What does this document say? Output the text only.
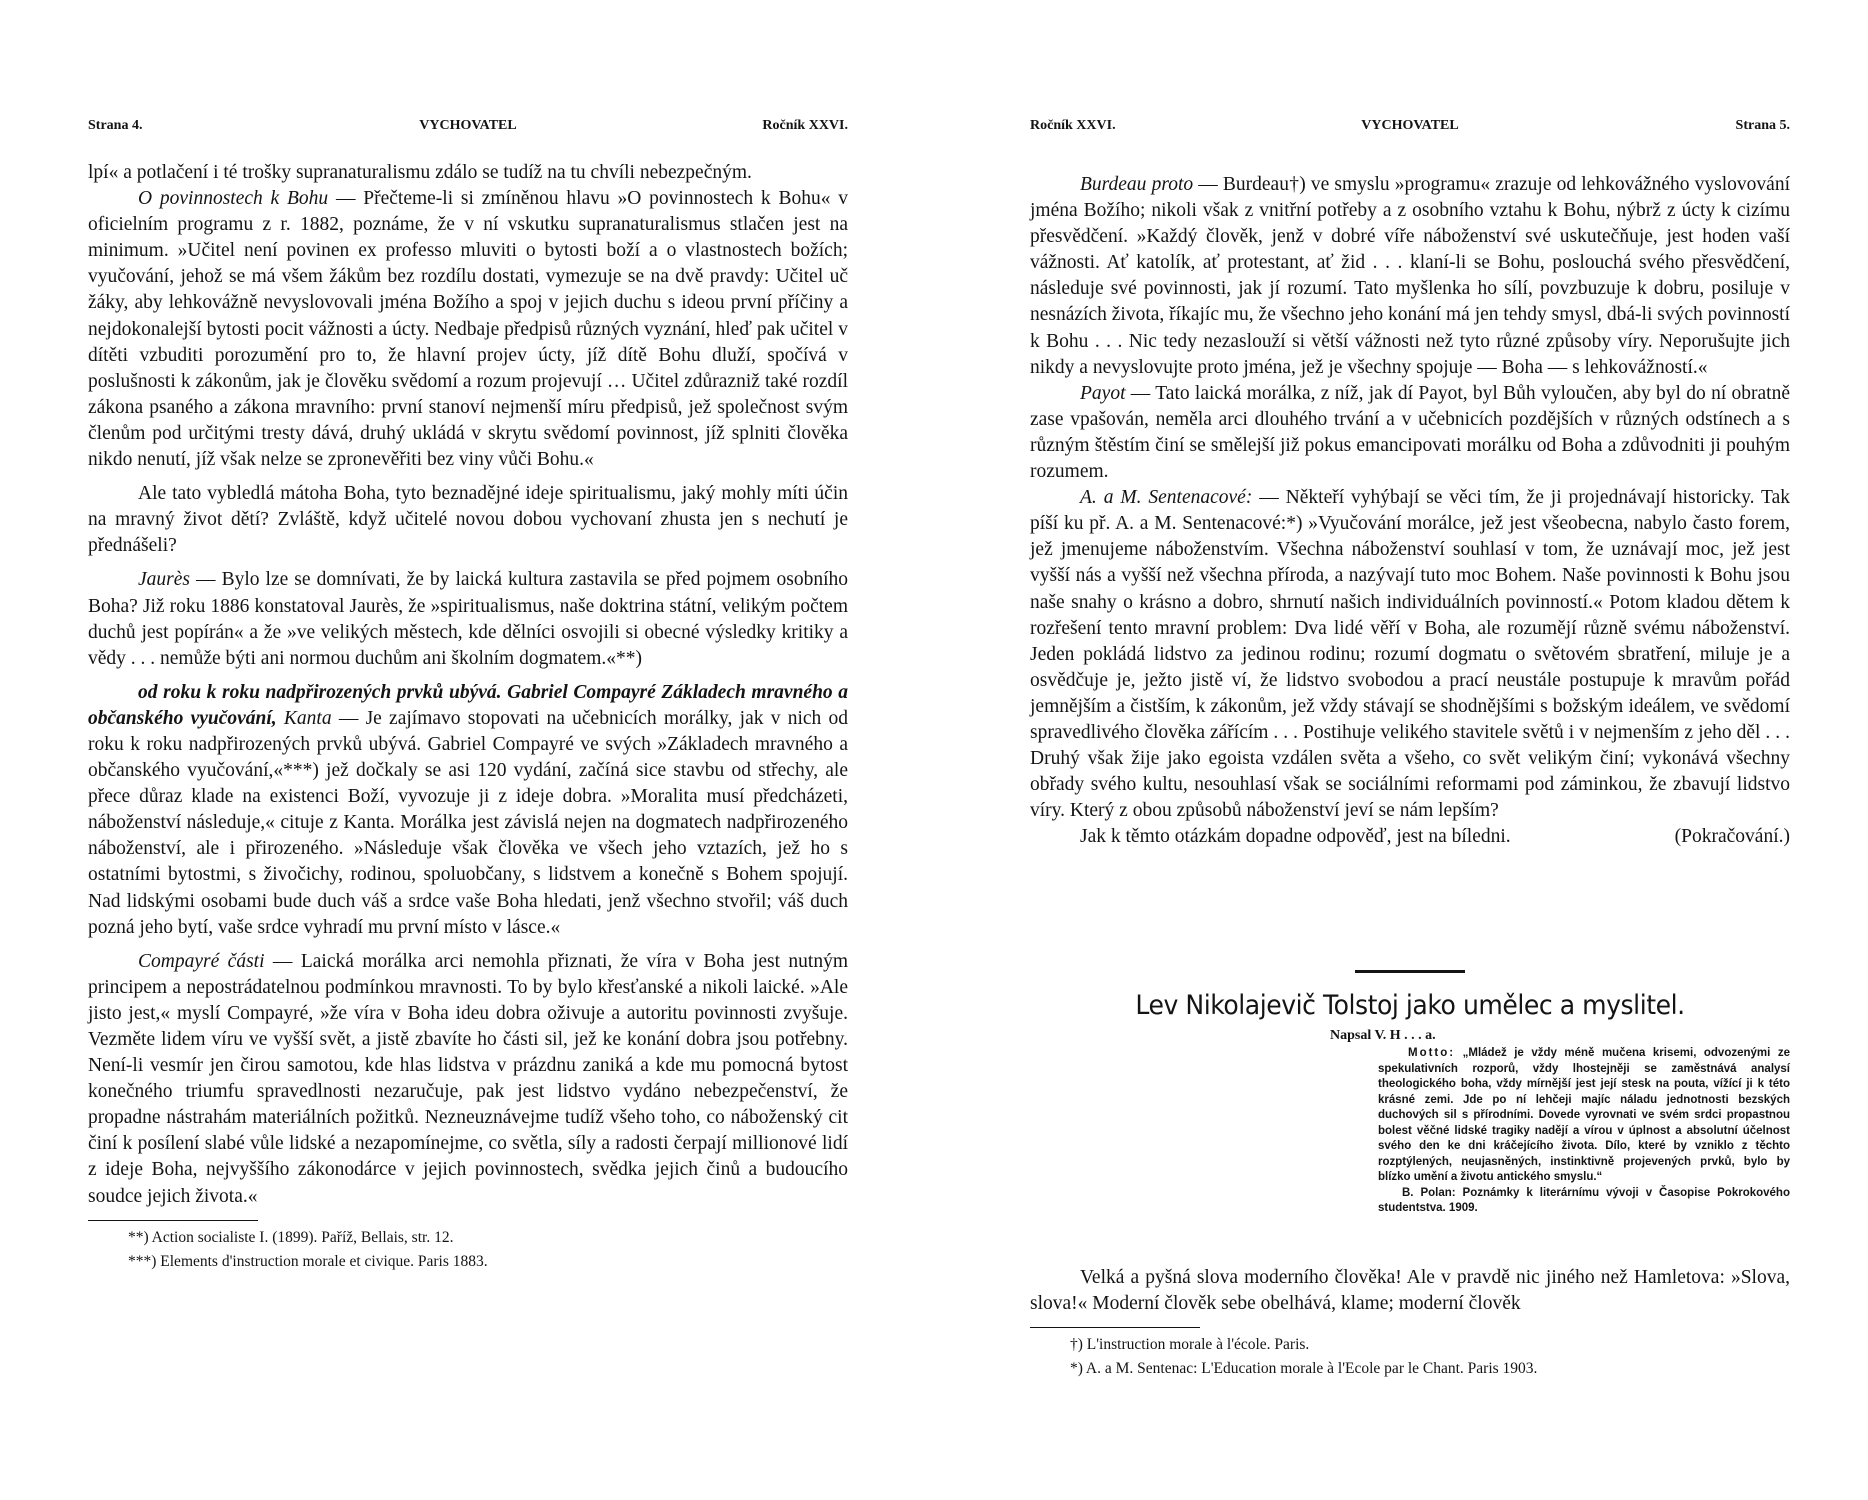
Strana 4.	VYCHOVATEL	Ročník XXVI.

lpí« a potlačení i té trošky supranaturalismu zdálo se tudíž na tu chvíli nebezpečným.

O povinnostech k Bohu — Přečteme-li si zmíněnou hlavu »O povinnostech k Bohu« v oficielním programu z r. 1882, poznáme, že v ní vskutku supranaturalismus stlačen jest na minimum. »Učitel není povinen ex professo mluviti o bytosti boží a o vlastnostech božích; vyučování, jehož se má všem žákům bez rozdílu dostati, vymezuje se na dvě pravdy: Učitel uč žáky, aby lehkovážně nevyslovovali jména Božího a spoj v jejich duchu s ideou první příčiny a nejdokonalejší bytosti pocit vážnosti a úcty. Nedbaje předpisů různých vyznání, hleď pak učitel v dítěti vzbuditi porozumění pro to, že hlavní projev úcty, jíž dítě Bohu dluží, spočívá v poslušnosti k zákonům, jak je člověku svědomí a rozum projevují … Učitel zdůrazniž také rozdíl zákona psaného a zákona mravního: první stanoví nejmenší míru předpisů, jež společnost svým členům pod určitými tresty dává, druhý ukládá v skrytu svědomí povinnost, jíž splniti člověka nikdo nenutí, jíž však nelze se zpronevěřiti bez viny vůči Bohu.«

Ale tato vybledlá mátoha Boha, tyto beznadějné ideje spiritualismu, jaký mohly míti účin na mravný život dětí? Zvláště, když učitelé novou dobou vychovaní zhusta jen s nechutí je přednášeli?

Jaurès — Bylo lze se domnívati, že by laická kultura zastavila se před pojmem osobního Boha? Již roku 1886 konstatoval Jaurès, že »spiritualismus, naše doktrina státní, velikým počtem duchů jest popírán« a že »ve velikých městech, kde dělníci osvojili si obecné výsledky kritiky a vědy . . . nemůže býti ani normou duchům ani školním dogmatem.«**)

od roku k roku nadpřirozených prvků ubývá. Gabriel Compayré Základech mravného a občanského vyučování, Kanta — Je zajímavo stopovati na učebnicích morálky, jak v nich od roku k roku nadpřirozených prvků ubývá. Gabriel Compayré ve svých »Základech mravného a občanského vyučování,«***) jež dočkaly se asi 120 vydání, začíná sice stavbu od střechy, ale přece důraz klade na existenci Boží, vyvozuje ji z ideje dobra. »Moralita musí předcházeti, náboženství následuje,« cituje z Kanta. Morálka jest závislá nejen na dogmatech nadpřirozeného náboženství, ale i přirozeného. »Následuje však člověka ve všech jeho vztazích, jež ho s ostatními bytostmi, s živočichy, rodinou, spoluobčany, s lidstvem a konečně s Bohem spojují. Nad lidskými osobami bude duch váš a srdce vaše Boha hledati, jenž všechno stvořil; váš duch pozná jeho bytí, vaše srdce vyhradí mu první místo v lásce.«

Compayré části — Laická morálka arci nemohla přiznati, že víra v Boha jest nutným principem a nepostrádatelnou podmínkou mravnosti. To by bylo křesťanské a nikoli laické. »Ale jisto jest,« myslí Compayré, »že víra v Boha ideu dobra oživuje a autoritu povinnosti zvyšuje. Vezměte lidem víru ve vyšší svět, a jistě zbavíte ho části sil, jež ke konání dobra jsou potřebny. Není-li vesmír jen čirou samotou, kde hlas lidstva v prázdnu zaniká a kde mu pomocná bytost konečného triumfu spravedlnosti nezaručuje, pak jest lidstvo vydáno nebezpečenství, že propadne nástrahám materiálních požitků. Nezneuznávejme tudíž všeho toho, co náboženský cit činí k posílení slabé vůle lidské a nezapomínejme, co světla, síly a radosti čerpají millionové lidí z ideje Boha, nejvyššího zákonodárce v jejich povinnostech, svědka jejich činů a budoucího soudce jejich života.«

**) Action socialiste I. (1899). Paříž, Bellais, str. 12.
***) Elements d'instruction morale et civique. Paris 1883.
Ročník XXVI.	VYCHOVATEL	Strana 5.

Burdeau proto — Burdeau†) ve smyslu »programu« zrazuje od lehkovážného vyslovování jména Božího; nikoli však z vnitřní potřeby a z osobního vztahu k Bohu, nýbrž z úcty k cizímu přesvědčení. »Každý člověk, jenž v dobré víře náboženství své uskutečňuje, jest hoden vaší vážnosti. Ať katolík, ať protestant, ať žid . . . klaní-li se Bohu, poslouchá svého přesvědčení, následuje své povinnosti, jak jí rozumí. Tato myšlenka ho sílí, povzbuzuje k dobru, posiluje v nesnázích života, říkajíc mu, že všechno jeho konání má jen tehdy smysl, dbá-li svých povinností k Bohu . . . Nic tedy nezaslouží si větší vážnosti než tyto různé způsoby víry. Neporušujte jich nikdy a nevyslovujte proto jména, jež je všechny spojuje — Boha — s lehkovážností.«

Payot — Tato laická morálka, z níž, jak dí Payot, byl Bůh vyloučen, aby byl do ní obratně zase vpašován, neměla arci dlouhého trvání a v učebnicích pozdějších v různých odstínech a s různým štěstím činí se smělejší již pokus emancipovati morálku od Boha a zdůvodniti ji pouhým rozumem.

A. a M. Sentenacové: — Někteří vyhýbají se věci tím, že ji projednávají historicky. Tak píší ku př. A. a M. Sentenacové:*) »Vyučování morálce, jež jest všeobecna, nabylo často forem, jež jmenujeme náboženstvím. Všechna náboženství souhlasí v tom, že uznávají moc, jež jest vyšší nás a vyšší než všechna příroda, a nazývají tuto moc Bohem. Naše povinnosti k Bohu jsou naše snahy o krásno a dobro, shrnutí našich individuálních povinností.« Potom kladou dětem k rozřešení tento mravní problem: Dva lidé věří v Boha, ale rozumějí různě svému náboženství. Jeden pokládá lidstvo za jedinou rodinu; rozumí dogmatu o světovém sbratření, miluje je a osvědčuje je, ježto jistě ví, že lidstvo svobodou a prací neustále postupuje k mravům pořád jemnějším a čistším, k zákonům, jež vždy stávají se shodnějšími s božským ideálem, ve svědomí spravedlivého člověka zářícím . . . Postihuje velikého stavitele světů i v nejmenším z jeho děl . . . Druhý však žije jako egoista vzdálen světa a všeho, co svět velikým činí; vykonává všechny obřady svého kultu, nesouhlasí však se sociálními reformami pod záminkou, že zbavují lidstvo víry. Který z obou způsobů náboženství jeví se nám lepším?

Jak k těmto otázkám dopadne odpověď, jest na bíledni.	(Pokračování.)

Lev Nikolajevič Tolstoj jako umělec a myslitel.
Napsal V. H . . . a.

Motto: „Mládež je vždy méně mučena krisemi, odvozenými ze spekulativních rozporů, vždy lhostejněji se zaměstnává analysí theologického boha, vždy mírnější jest její stesk na pouta, vížící ji k této krásné zemi. Jde po ní lehčeji majíc náladu jednotnosti bezských duchových sil s přírodními. Dovede vyrovnati ve svém srdci propastnou bolest věčné lidské tragiky nadějí a vírou v úplnost a absolutní účelnost svého den ke dni kráčejícího života. Dílo, které by vzniklo z těchto rozptýlených, neujasněných, instinktivně projevených prvků, bylo by blízko umění a životu antického smyslu.“

B. Polan: Poznámky k literárnímu vývoji v Časopise Pokrokového studentstva. 1909.

Velká a pyšná slova moderního člověka! Ale v pravdě nic jiného než Hamletova: »Slova, slova!« Moderní člověk sebe obelhává, klame; moderní člověk

†) L'instruction morale à l'école. Paris.
*) A. a M. Sentenac: L'Education morale à l'Ecole par le Chant. Paris 1903.
